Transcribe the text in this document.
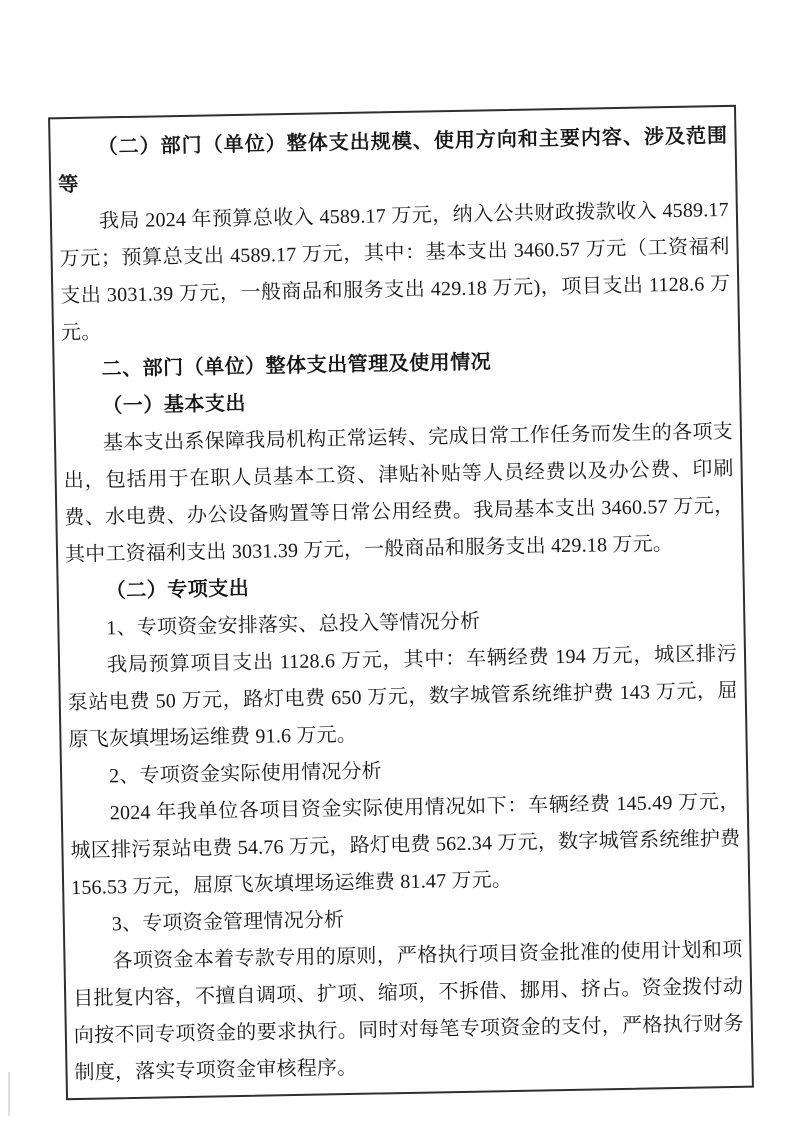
（二）部门（单位）整体支出规模、使用方向和主要内容、涉及范围等

我局 2024 年预算总收入 4589.17 万元，纳入公共财政拨款收入 4589.17 万元；预算总支出 4589.17 万元，其中：基本支出 3460.57 万元（工资福利支出 3031.39 万元，一般商品和服务支出 429.18 万元)，项目支出 1128.6 万元。

二、部门（单位）整体支出管理及使用情况

（一）基本支出

基本支出系保障我局机构正常运转、完成日常工作任务而发生的各项支出，包括用于在职人员基本工资、津贴补贴等人员经费以及办公费、印刷费、水电费、办公设备购置等日常公用经费。我局基本支出 3460.57 万元，其中工资福利支出 3031.39 万元，一般商品和服务支出 429.18 万元。

（二）专项支出

1、专项资金安排落实、总投入等情况分析

我局预算项目支出 1128.6 万元，其中：车辆经费 194 万元，城区排污泵站电费 50 万元，路灯电费 650 万元，数字城管系统维护费 143 万元，屈原飞灰填埋场运维费 91.6 万元。

2、专项资金实际使用情况分析

2024 年我单位各项目资金实际使用情况如下：车辆经费 145.49 万元，城区排污泵站电费 54.76 万元，路灯电费 562.34 万元，数字城管系统维护费 156.53 万元，屈原飞灰填埋场运维费 81.47 万元。

3、专项资金管理情况分析

各项资金本着专款专用的原则，严格执行项目资金批准的使用计划和项目批复内容，不擅自调项、扩项、缩项，不拆借、挪用、挤占。资金拨付动向按不同专项资金的要求执行。同时对每笔专项资金的支付，严格执行财务制度，落实专项资金审核程序。
